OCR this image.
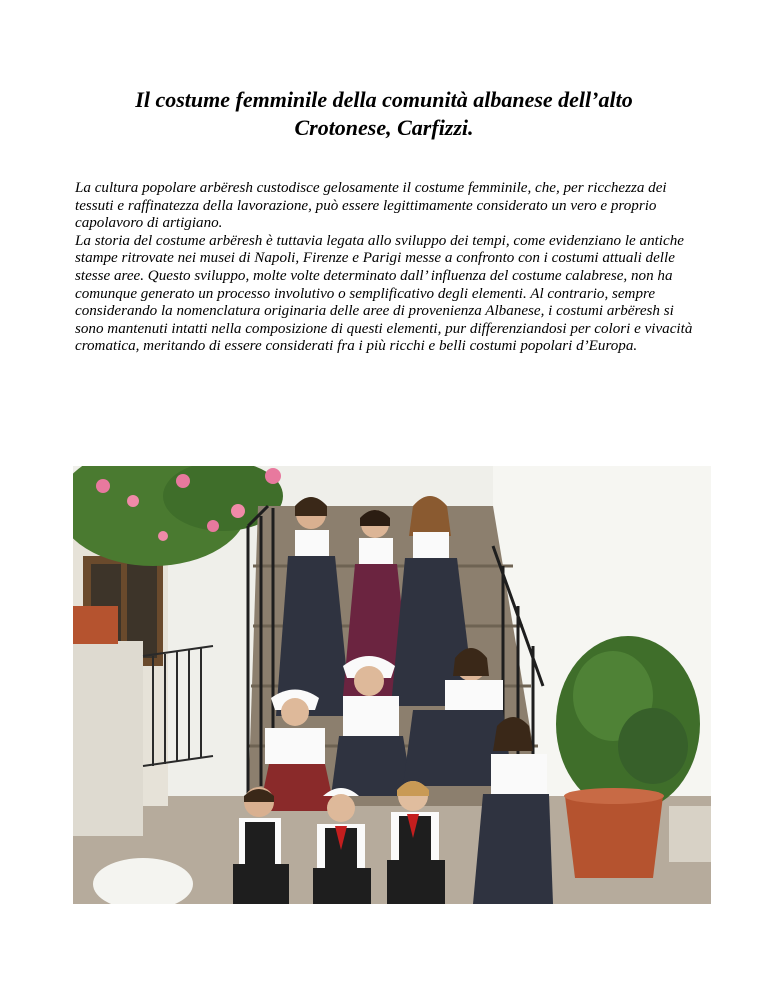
Il costume femminile della comunità albanese dell’alto
Crotonese, Carfizzi.

La cultura popolare arbëresh custodisce gelosamente il costume femminile, che, per ricchezza dei tessuti e raffinatezza della lavorazione, può essere legittimamente considerato un vero e proprio capolavoro di artigiano.

La storia del costume arbëresh è tuttavia legata allo sviluppo dei tempi, come evidenziano le antiche stampe ritrovate nei musei di Napoli, Firenze e Parigi messe a confronto con i costumi attuali delle stesse aree. Questo sviluppo, molte volte determinato dall’ influenza del costume calabrese, non ha comunque generato un processo involutivo o semplificativo degli elementi. Al contrario, sempre considerando la nomenclatura originaria delle aree di provenienza Albanese, i costumi arbëresh si sono mantenuti intatti nella composizione di questi elementi, pur differenziandosi per colori e vivacità cromatica, meritando di essere considerati fra i più ricchi e belli costumi popolari d’Europa.
